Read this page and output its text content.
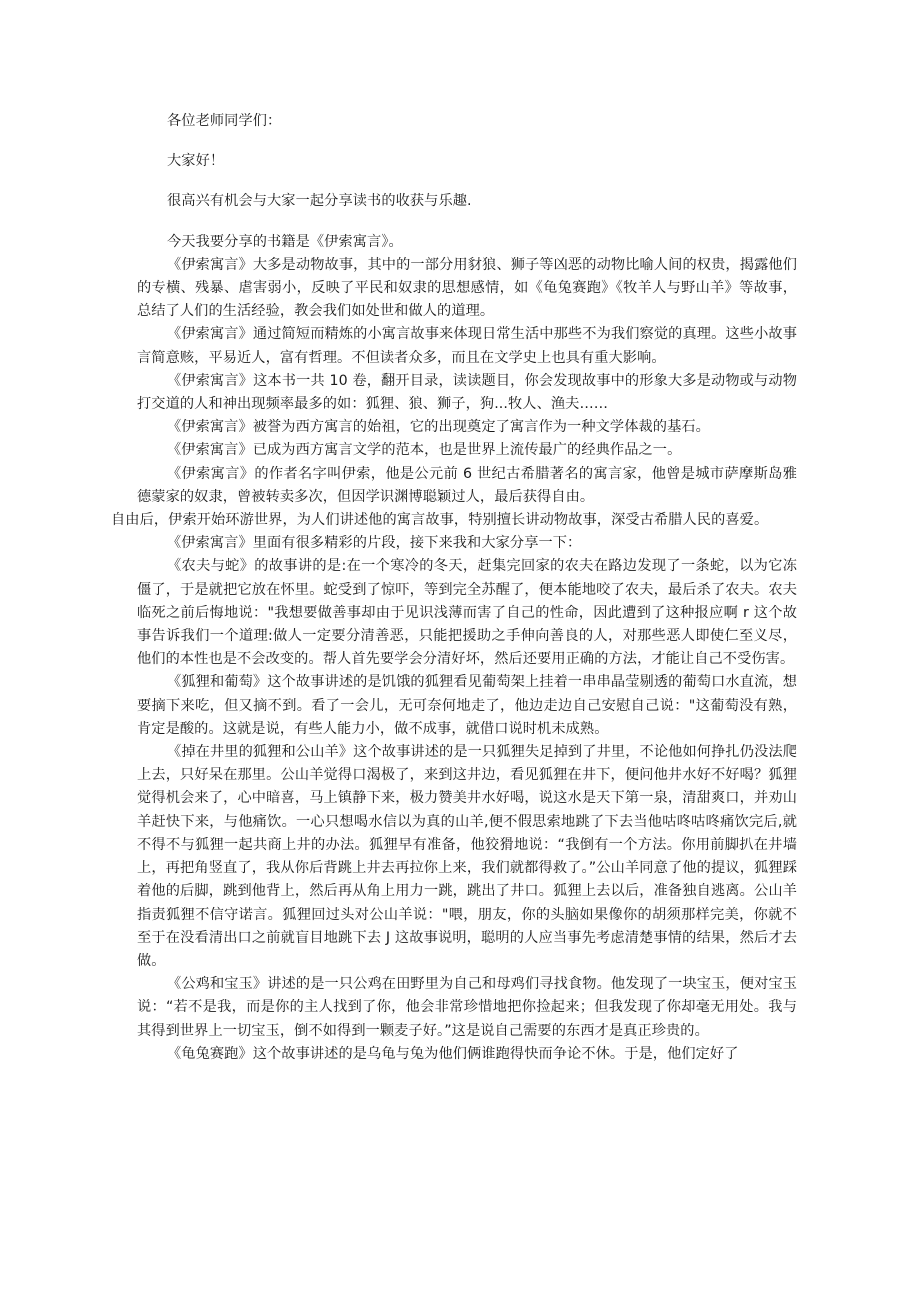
各位老师同学们：

大家好！

很高兴有机会与大家一起分享读书的收获与乐趣.

今天我要分享的书籍是《伊索寓言》。

《伊索寓言》大多是动物故事，其中的一部分用豺狼、狮子等凶恶的动物比喻人间的权贵，揭露他们的专横、残暴、虐害弱小，反映了平民和奴隶的思想感情，如《龟兔赛跑》《牧羊人与野山羊》等故事，总结了人们的生活经验，教会我们如处世和做人的道理。

《伊索寓言》通过简短而精炼的小寓言故事来体现日常生活中那些不为我们察觉的真理。这些小故事言简意赅，平易近人，富有哲理。不但读者众多，而且在文学史上也具有重大影响。

《伊索寓言》这本书一共 10 卷，翻开目录，读读题目，你会发现故事中的形象大多是动物或与动物打交道的人和神出现频率最多的如：狐狸、狼、狮子，狗...牧人、渔夫……

《伊索寓言》被誉为西方寓言的始祖，它的出现奠定了寓言作为一种文学体裁的基石。

《伊索寓言》已成为西方寓言文学的范本，也是世界上流传最广的经典作品之一。

《伊索寓言》的作者名字叫伊索，他是公元前 6 世纪古希腊著名的寓言家，他曾是城市萨摩斯岛雅德蒙家的奴隶，曾被转卖多次，但因学识渊博聪颖过人，最后获得自由。

自由后，伊索开始环游世界，为人们讲述他的寓言故事，特别擅长讲动物故事，深受古希腊人民的喜爱。

《伊索寓言》里面有很多精彩的片段，接下来我和大家分享一下：

《农夫与蛇》的故事讲的是:在一个寒冷的冬天，赶集完回家的农夫在路边发现了一条蛇，以为它冻僵了，于是就把它放在怀里。蛇受到了惊吓，等到完全苏醒了，便本能地咬了农夫，最后杀了农夫。农夫临死之前后悔地说："我想要做善事却由于见识浅薄而害了自己的性命，因此遭到了这种报应啊 r 这个故事告诉我们一个道理:做人一定要分清善恶，只能把援助之手伸向善良的人，对那些恶人即使仁至义尽，他们的本性也是不会改变的。帮人首先要学会分清好坏，然后还要用正确的方法，才能让自己不受伤害。

《狐狸和葡萄》这个故事讲述的是饥饿的狐狸看见葡萄架上挂着一串串晶莹剔透的葡萄口水直流，想要摘下来吃，但又摘不到。看了一会儿，无可奈何地走了，他边走边自己安慰自己说："这葡萄没有熟，肯定是酸的。这就是说，有些人能力小，做不成事，就借口说时机未成熟。

《掉在井里的狐狸和公山羊》这个故事讲述的是一只狐狸失足掉到了井里，不论他如何挣扎仍没法爬上去，只好呆在那里。公山羊觉得口渴极了，来到这井边，看见狐狸在井下，便问他井水好不好喝？狐狸觉得机会来了，心中暗喜，马上镇静下来，极力赞美井水好喝，说这水是天下第一泉，清甜爽口，并劝山羊赶快下来，与他痛饮。一心只想喝水信以为真的山羊,便不假思索地跳了下去当他咕咚咕咚痛饮完后,就不得不与狐狸一起共商上井的办法。狐狸早有准备，他狡猾地说：“我倒有一个方法。你用前脚扒在井墙上，再把角竖直了，我从你后背跳上井去再拉你上来，我们就都得救了。”公山羊同意了他的提议，狐狸踩着他的后脚，跳到他背上，然后再从角上用力一跳，跳出了井口。狐狸上去以后，准备独自逃离。公山羊指责狐狸不信守诺言。狐狸回过头对公山羊说："喂，朋友，你的头脑如果像你的胡须那样完美，你就不至于在没看清出口之前就盲目地跳下去 J 这故事说明，聪明的人应当事先考虑清楚事情的结果，然后才去做。

《公鸡和宝玉》讲述的是一只公鸡在田野里为自己和母鸡们寻找食物。他发现了一块宝玉，便对宝玉说：“若不是我，而是你的主人找到了你，他会非常珍惜地把你捡起来；但我发现了你却毫无用处。我与其得到世界上一切宝玉，倒不如得到一颗麦子好。”这是说自己需要的东西才是真正珍贵的。

《龟兔赛跑》这个故事讲述的是乌龟与兔为他们俩谁跑得快而争论不休。于是，他们定好了
